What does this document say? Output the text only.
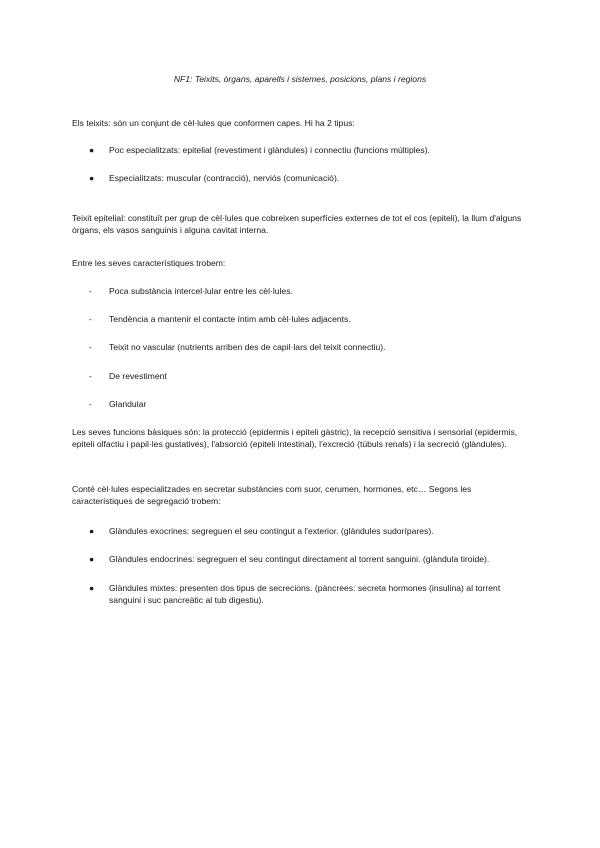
NF1: Teixits, òrgans, aparells i sistemes, posicions, plans i regions

Els teixits: són un conjunt de cèl·lules que conformen capes. Hi ha 2 tipus:

●	Poc especialitzats: epitelial (revestiment i glàndules) i connectiu (funcions múltiples).
●	Especialitzats: muscular (contracció), nerviós (comunicació).

Teixit epitelial: constituït per grup de cèl·lules que cobreixen superfícies externes de tot el cos (epiteli), la llum d'alguns òrgans, els vasos sanguinis i alguna cavitat interna.

Entre les seves característiques trobem:

- Poca substància intercel·lular entre les cèl·lules.
- Tendència a mantenir el contacte íntim amb cèl·lules adjacents.
- Teixit no vascular (nutrients arriben des de capil·lars del teixit connectiu).
- De revestiment
- Glandular

Les seves funcions bàsiques són: la protecció (epidermis i epiteli gàstric), la recepció sensitiva i sensorial (epidermis, epiteli olfactiu i papil·les gustatives), l'absorció (epiteli intestinal), l'excreció (túbuls renals) i la secreció (glàndules).

Conté cèl·lules especialitzades en secretar substàncies com suor, cerumen, hormones, etc… Segons les característiques de segregació trobem:

●	Glàndules exocrines: segreguen el seu contingut a l'exterior. (glàndules sudorípares).
●	Glàndules endocrines: segreguen el seu contingut directament al torrent sanguini. (glàndula tiroide).
●	Glàndules mixtes: presenten dos tipus de secrecions. (pàncrees: secreta hormones (insulina) al torrent sanguini i suc pancreàtic al tub digestiu).
